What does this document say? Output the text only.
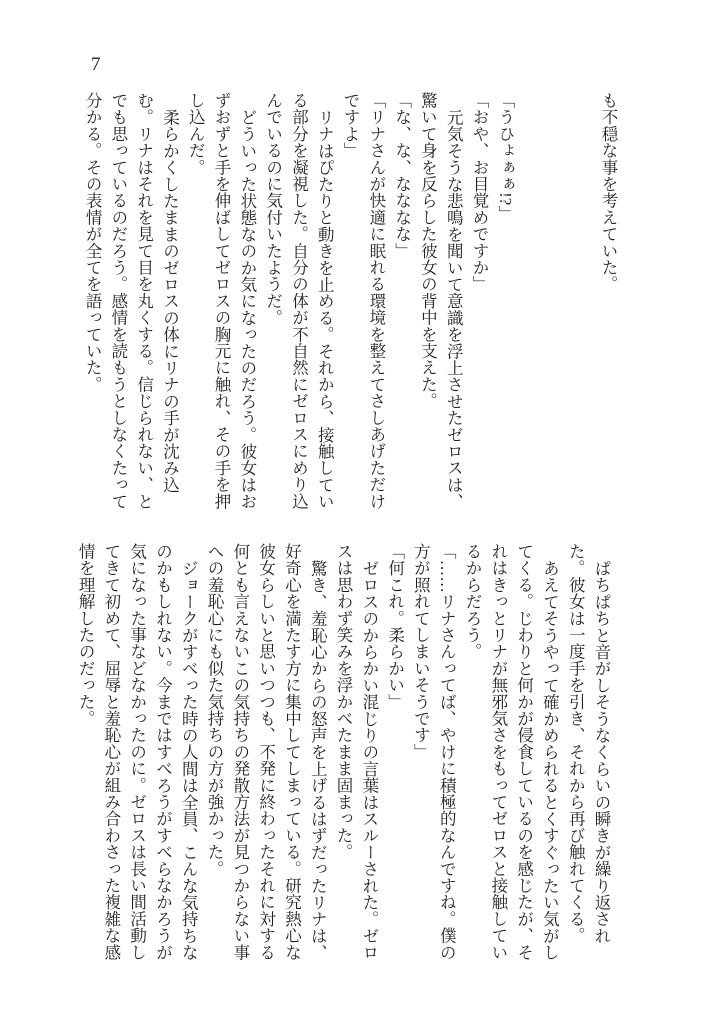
7

も不穏な事を考えていた。

「うひょぁぁ!?」

「おや、お目覚めですか」

元気そうな悲鳴を聞いて意識を浮上させたゼロスは、

驚いて身を反らした彼女の背中を支えた。

「な、な、なななな」

「リナさんが快適に眠れる環境を整えてさしあげただけ

ですよ」

リナはぴたりと動きを止める。それから、接触してい

る部分を凝視した。自分の体が不自然にゼロスにめり込

んでいるのに気付いたようだ。

どういった状態なのか気になったのだろう。彼女はお

ずおずと手を伸ばしてゼロスの胸元に触れ、その手を押

し込んだ。

柔らかくしたままのゼロスの体にリナの手が沈み込

む。リナはそれを見て目を丸くする。信じられない、と

でも思っているのだろう。感情を読もうとしなくたって

分かる。その表情が全てを語っていた。

ぱちぱちと音がしそうなくらいの瞬きが繰り返され

た。彼女は一度手を引き、それから再び触れてくる。

あえてそうやって確かめられるとくすぐったい気がし

てくる。じわりと何かが侵食しているのを感じたが、そ

れはきっとリナが無邪気さをもってゼロスと接触してい

るからだろう。

「……リナさんってば、やけに積極的なんですね。僕の

方が照れてしまいそうです」

「何これ。柔らかい」

ゼロスのからかい混じりの言葉はスルーされた。ゼロ

スは思わず笑みを浮かべたまま固まった。

驚き、羞恥心からの怒声を上げるはずだったリナは、

好奇心を満たす方に集中してしまっている。研究熱心な

彼女らしいと思いつつも、不発に終わったそれに対する

何とも言えないこの気持ちの発散方法が見つからない事

への羞恥心にも似た気持ちの方が強かった。

ジョークがすべった時の人間は全員、こんな気持ちな

のかもしれない。今まではすべろうがすべらなかろうが

気になった事などなかったのに。ゼロスは長い間活動し

てきて初めて、屈辱と羞恥心が組み合わさった複雑な感

情を理解したのだった。
